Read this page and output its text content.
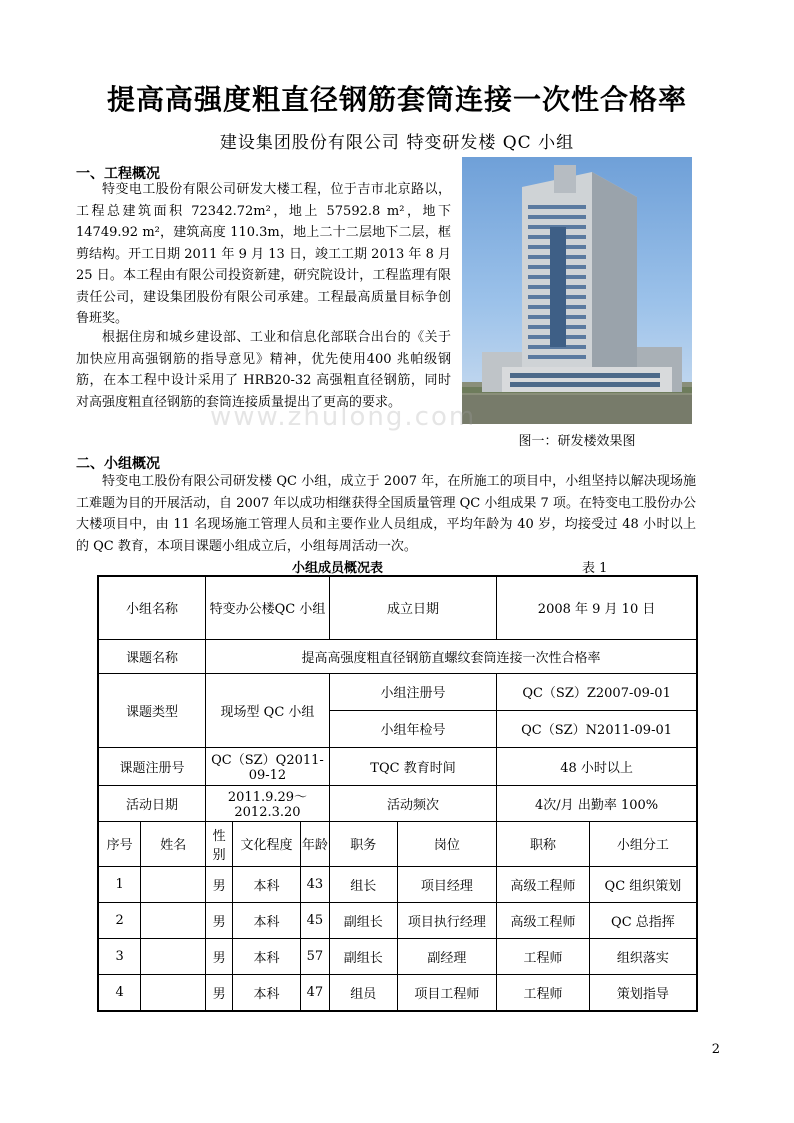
提高高强度粗直径钢筋套筒连接一次性合格率
建设集团股份有限公司 特变研发楼 QC 小组
一、工程概况
特变电工股份有限公司研发大楼工程，位于吉市北京路以，工程总建筑面积 72342.72m²，地上 57592.8 m²，地下 14749.92 m²，建筑高度 110.3m，地上二十二层地下二层，框剪结构。开工日期 2011 年 9 月 13 日，竣工工期 2013 年 8 月 25 日。本工程由有限公司投资新建，研究院设计，工程监理有限责任公司，建设集团股份有限公司承建。工程最高质量目标争创鲁班奖。
根据住房和城乡建设部、工业和信息化部联合出台的《关于加快应用高强钢筋的指导意见》精神，优先使用400 兆帕级钢筋，在本工程中设计采用了 HRB20-32 高强粗直径钢筋，同时对高强度粗直径钢筋的套筒连接质量提出了更高的要求。
www.zhulong.com
图一：研发楼效果图
二、小组概况
特变电工股份有限公司研发楼 QC 小组，成立于 2007 年，在所施工的项目中，小组坚持以解决现场施工难题为目的开展活动，自 2007 年以成功相继获得全国质量管理 QC 小组成果 7 项。在特变电工股份办公大楼项目中，由 11 名现场施工管理人员和主要作业人员组成，平均年龄为 40 岁，均接受过 48 小时以上的 QC 教育，本项目课题小组成立后，小组每周活动一次。
小组成员概况表	表 1
小组名称		特变办公楼QC 小组			成立日期		2008 年 9 月 10 日	
课题名称		提高高强度粗直径钢筋直螺纹套筒连接一次性合格率						
课题类型		现场型 QC 小组			小组注册号		QC（SZ）Z2007-09-01	
					小组年检号		QC（SZ）N2011-09-01	
课题注册号		QC（SZ）Q2011-09-12			TQC 教育时间		48 小时以上	
活动日期		2011.9.29～2012.3.20			活动频次		4次/月 出勤率 100%	
序号	姓名	性别	文化程度	年龄	职务	岗位	职称	小组分工
1		男	本科	43	组长	项目经理	高级工程师	QC 组织策划
2		男	本科	45	副组长	项目执行经理	高级工程师	QC 总指挥
3		男	本科	57	副组长	副经理	工程师	组织落实
4		男	本科	47	组员	项目工程师	工程师	策划指导
2
